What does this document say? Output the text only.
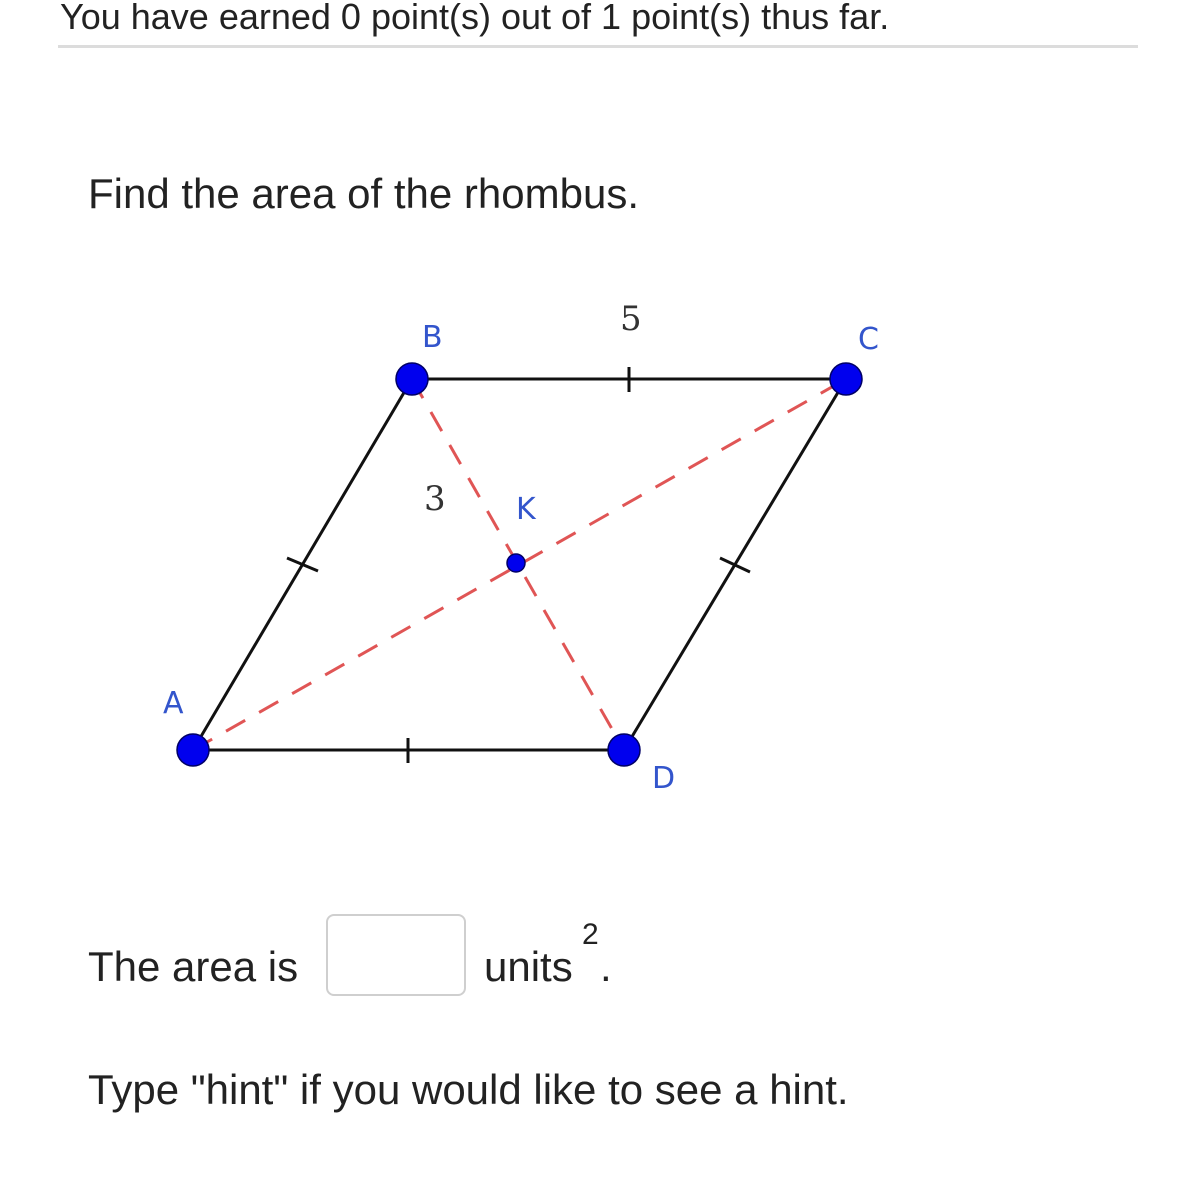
You have earned 0 point(s) out of 1 point(s) thus far.
Find the area of the rhombus.
A
B	C
D
K
5
3
The area is	units
2
.
Type "hint" if you would like to see a hint.
